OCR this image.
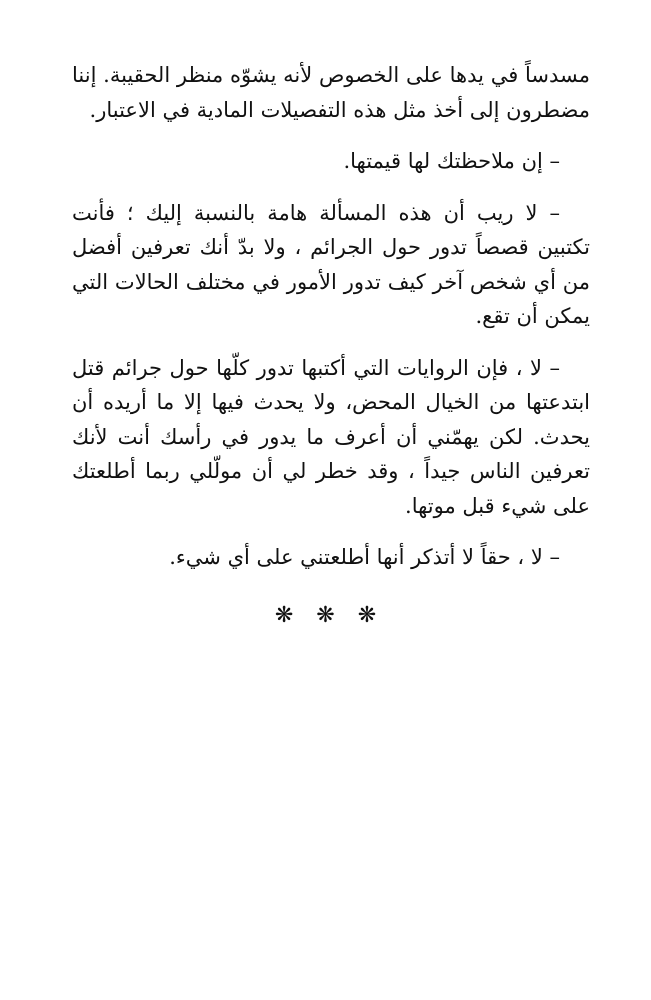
مسدساً في يدها على الخصوص لأنه يشوّه منظر الحقيبة. إننا مضطرون إلى أخذ مثل هذه التفصيلات المادية في الاعتبار.

– إن ملاحظتك لها قيمتها.

– لا ريب أن هذه المسألة هامة بالنسبة إليك ؛ فأنت تكتبين قصصاً تدور حول الجرائم ، ولا بدّ أنك تعرفين أفضل من أي شخص آخر كيف تدور الأمور في مختلف الحالات التي يمكن أن تقع.

– لا ، فإن الروايات التي أكتبها تدور كلّها حول جرائم قتل ابتدعتها من الخيال المحض، ولا يحدث فيها إلا ما أريده أن يحدث. لكن يهمّني أن أعرف ما يدور في رأسك أنت لأنك تعرفين الناس جيداً ، وقد خطر لي أن مولّلي ربما أطلعتك على شيء قبل موتها.

– لا ، حقاً لا أتذكر أنها أطلعتني على أي شيء.

❋ ❋ ❋
